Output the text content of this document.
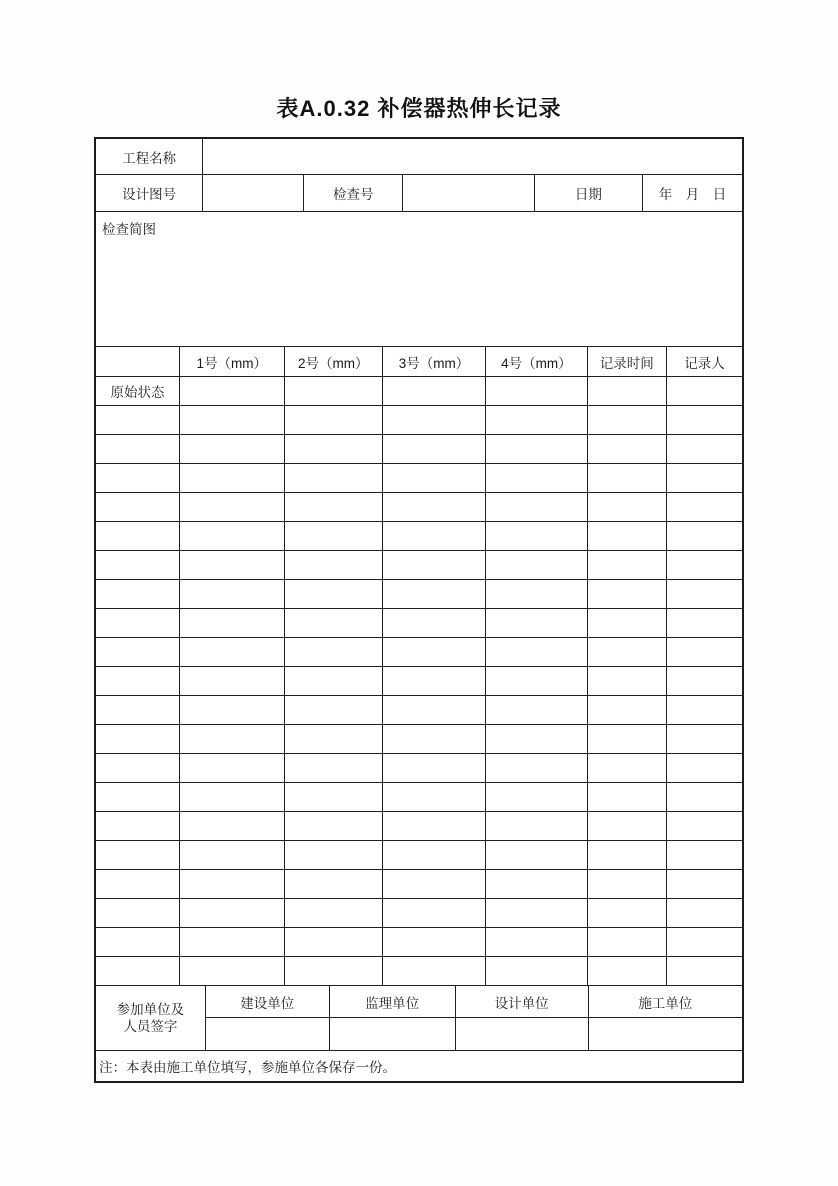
表A.0.32 补偿器热伸长记录
工程名称
设计图号	检查号	日期	年　月　日
检查简图
1号（mm）	2号（mm）	3号（mm）	4号（mm）	记录时间	记录人
原始状态
参加单位及
人员签字
建设单位	监理单位	设计单位	施工单位
注：本表由施工单位填写，参施单位各保存一份。
